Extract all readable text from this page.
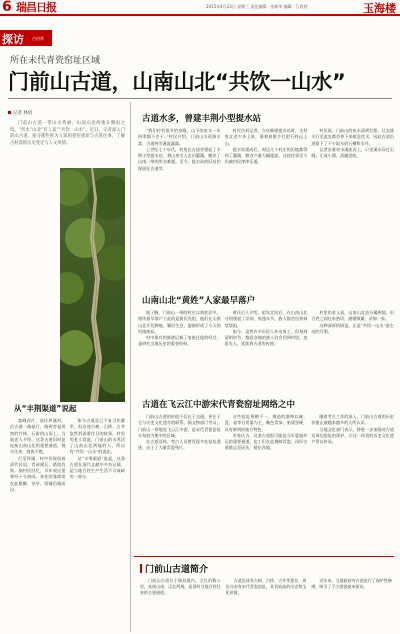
6 瑞昌日报	2015年4月23日 星期三 责任编辑：金新华 编辑：江欣欣	玉海楼
探访 古村落
(56)
所在未代青瓷窑址区域
门前山古道，山南山北“共饮一山水”
记者 林俏
门前山古道一带山水秀丽，山南山北两地在飘雨之境。“所水”山北“有人家”“共饮一山水”。近日，记者深入门前山古道，探寻那些鲜为人知的瓷窑遗址与古道往事，了解古村落的历史变迁与人文风情。
从“丰荆渠道”说起

童峰西片，前往坪溪村，沿古道一路前行，路两旁是茂密的竹林，石阶依山而上。当地老人介绍，这条古道旧时是连接山南山北的重要通道，挑夫往来，商旅不绝。

行至坪溪，村中仍保留着清代民居，青砖黛瓦，错落有致。据村民回忆，早年间这里曾经十分热闹，来往的客商常在此歇脚，茶亭、饭铺沿路而设。

如今古道虽已不复当年繁华，但沿途古树、石桥、古井依然诉说着往日的故事。村里的老人常说，门前山的水养活了山南山北两地的人，所以有“共饮一山水”的说法。

从“丰荆渠道”说起，这条古道在清代文献中多有记载，是当地百姓生产生活不可或缺的一部分。

古道水多，曾建丰荆小型提水站

“我们村有很多的泉眼，山下的泉水一年四季都不会干。”村民介绍，门前山水资源丰富，古道两旁溪流潺潺。

上世纪七十年代，村里在古道旁建起了丰荆小型提水站，将山泉引入农田灌溉，解决了山南一带的用水难题。至今，提水站的旧址仍保留在古道旁。

村民告诉记者，当年修建提水站时，全村男女老少齐上阵，靠着肩挑手扛把石料运上山。

提水站建成后，周边几个村庄的田地都得到了灌溉，粮食产量大幅提高。这段往事至今仍被村民津津乐道。

村民说，门前山的泉水清冽甘甜，过去挑夫行至此处都会停下来歇息饮水，因此古道沿途留下了不少取水的石槽和水井。

记者沿着泉水溪流而上，只见溪水穿过石缝，汇成小潭，清澈见底。

山南山北“黄姓”人家最早落户

据了解，门前山一带的村庄以黄姓居多。相传最早落户于此的是黄氏先祖，他们在山南山北开荒种地，繁衍生息，逐渐形成了今天的村落格局。

村中保存的族谱记载了家族迁徙的经过，是研究当地历史的重要资料。

黄氏后人介绍，祖先定居后，在山南山北分别建起了宗祠，每逢年节，族人都会回到祠堂祭祖。

如今，虽然许多年轻人外出务工，但每到清明时节，散居各地的族人仍会回到村里，追思先人，延续着古老的传统。

村里的老人说，山南山北虽分属两地，但百姓之间往来密切，通婚频繁，亲如一家。

这种深厚的情谊，正是“共饮一山水”最生动的写照。

古道在飞云江中游宋代青瓷窑址网络之中

门前山古道的价值不仅在于交通，更在于它与历史文化遗存的联系。据文物部门考证，门前山一带地处飞云江中游，是宋代青瓷窑址分布较为集中的区域。

在古道沿线，考古人员曾发现多处窑址遗迹，出土了大量青瓷残片。

这些窑址规模不一，烧造的器物以碗、盘、壶等日用器为主，釉色青绿，胎质坚硬，具有鲜明的地方特色。

专家认为，这条古道很可能是当年瓷器外运的重要通道，窑工们在此烧制青瓷，再经古道挑运至码头，销往各地。

随着考古工作的深入，门前山古道的历史价值正被越来越多的人所认识。

当地文化部门表示，将进一步加强对古道及周边窑址的保护，让这一珍贵的历史文化遗产得以传承。

门前山古道简介

门前山古道位于瑞昌境内，全长约数公里，连接山南、山北两地，是旧时当地百姓往来的主要通道。

古道沿途有古树、古桥、古井等遗存，周边分布有宋代青瓷窑址，具有较高的历史和文化价值。

近年来，当地政府对古道进行了保护性修缮，吸引了不少游客前来探访。
